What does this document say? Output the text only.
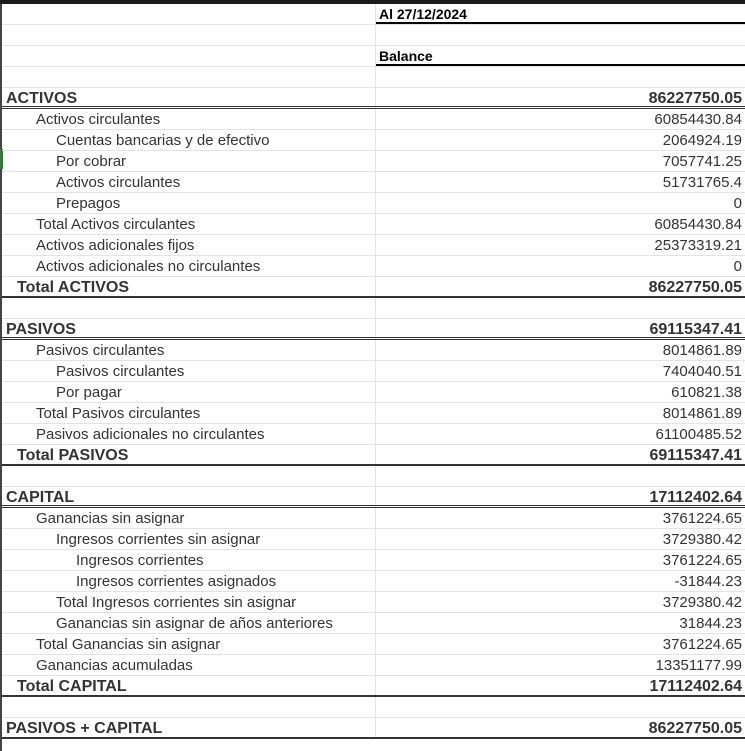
Al 27/12/2024
Balance
ACTIVOS	86227750.05
Activos circulantes	60854430.84
Cuentas bancarias y de efectivo	2064924.19
Por cobrar	7057741.25
Activos circulantes	51731765.4
Prepagos	0
Total Activos circulantes	60854430.84
Activos adicionales fijos	25373319.21
Activos adicionales no circulantes	0
Total ACTIVOS	86227750.05
PASIVOS	69115347.41
Pasivos circulantes	8014861.89
Pasivos circulantes	7404040.51
Por pagar	610821.38
Total Pasivos circulantes	8014861.89
Pasivos adicionales no circulantes	61100485.52
Total PASIVOS	69115347.41
CAPITAL	17112402.64
Ganancias sin asignar	3761224.65
Ingresos corrientes sin asignar	3729380.42
Ingresos corrientes	3761224.65
Ingresos corrientes asignados	-31844.23
Total Ingresos corrientes sin asignar	3729380.42
Ganancias sin asignar de años anteriores	31844.23
Total Ganancias sin asignar	3761224.65
Ganancias acumuladas	13351177.99
Total CAPITAL	17112402.64
PASIVOS + CAPITAL	86227750.05
